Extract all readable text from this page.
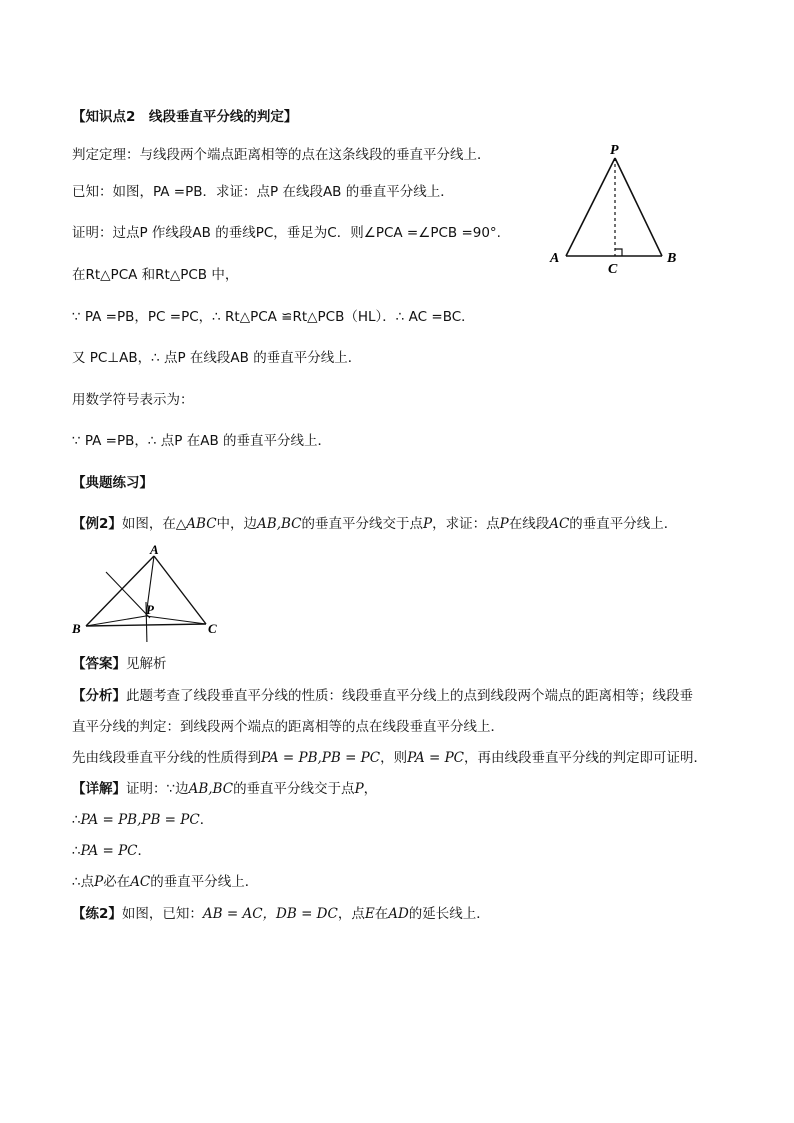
【知识点2　线段垂直平分线的判定】
判定定理：与线段两个端点距离相等的点在这条线段的垂直平分线上．
已知：如图，PA =PB．求证：点P 在线段AB 的垂直平分线上．
证明：过点P 作线段AB 的垂线PC，垂足为C．则∠PCA =∠PCB =90°.
在Rt△PCA 和Rt△PCB 中，
∵ PA =PB，PC =PC，∴ Rt△PCA ≌Rt△PCB（HL）．∴ AC =BC．
又 PC⊥AB，∴ 点P 在线段AB 的垂直平分线上．
用数学符号表示为：
∵ PA =PB，∴ 点P 在AB 的垂直平分线上．
P
A	B
C
【典题练习】
【例2】如图，在△ABC中，边AB,BC的垂直平分线交于点P，求证：点P在线段AC的垂直平分线上．
A
B	C
P
【答案】见解析
【分析】此题考查了线段垂直平分线的性质：线段垂直平分线上的点到线段两个端点的距离相等；线段垂
直平分线的判定：到线段两个端点的距离相等的点在线段垂直平分线上．
先由线段垂直平分线的性质得到PA = PB,PB = PC，则PA = PC，再由线段垂直平分线的判定即可证明．
【详解】证明：∵边AB,BC的垂直平分线交于点P，
∴PA = PB,PB = PC．
∴PA = PC．
∴点P必在AC的垂直平分线上．
【练2】如图，已知：AB = AC，DB = DC，点E在AD的延长线上．
